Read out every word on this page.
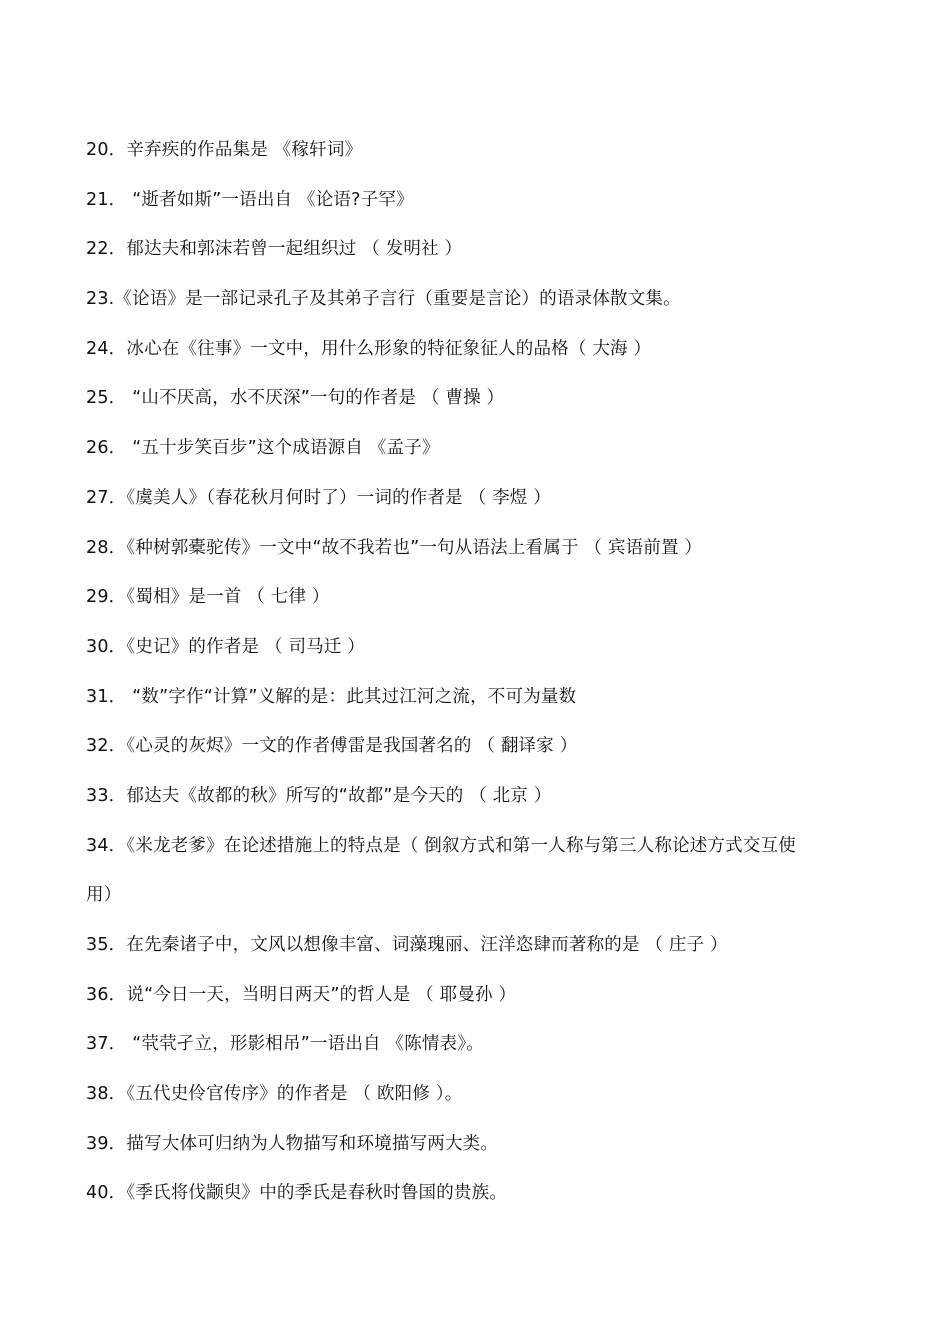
20．辛弃疾的作品集是 《稼轩词》
21． “逝者如斯”一语出自 《论语?子罕》
22．郁达夫和郭沫若曾一起组织过 （ 发明社 ）
23.《论语》是一部记录孔子及其弟子言行（重要是言论）的语录体散文集。
24．冰心在《往事》一文中，用什么形象的特征象征人的品格（ 大海 ）
25． “山不厌高，水不厌深”一句的作者是 （ 曹操 ）
26． “五十步笑百步”这个成语源自 《孟子》
27．《虞美人》（春花秋月何时了）一词的作者是 （ 李煜 ）
28．《种树郭橐驼传》一文中“故不我若也”一句从语法上看属于 （ 宾语前置 ）
29．《蜀相》是一首 （ 七律 ）
30．《史记》的作者是 （ 司马迁 ）
31． “数”字作“计算”义解的是：此其过江河之流，不可为量数
32．《心灵的灰烬》一文的作者傅雷是我国著名的 （ 翻译家 ）
33．郁达夫《故都的秋》所写的“故都”是今天的 （ 北京 ）
34．《米龙老爹》在论述措施上的特点是（ 倒叙方式和第一人称与第三人称论述方式交互使
用）
35．在先秦诸子中，文风以想像丰富、词藻瑰丽、汪洋恣肆而著称的是 （ 庄子 ）
36．说“今日一天，当明日两天”的哲人是 （ 耶曼孙 ）
37． “茕茕孑立，形影相吊”一语出自 《陈情表》。
38．《五代史伶官传序》的作者是 （ 欧阳修 ）。
39．描写大体可归纳为人物描写和环境描写两大类。
40．《季氏将伐颛臾》中的季氏是春秋时鲁国的贵族。
